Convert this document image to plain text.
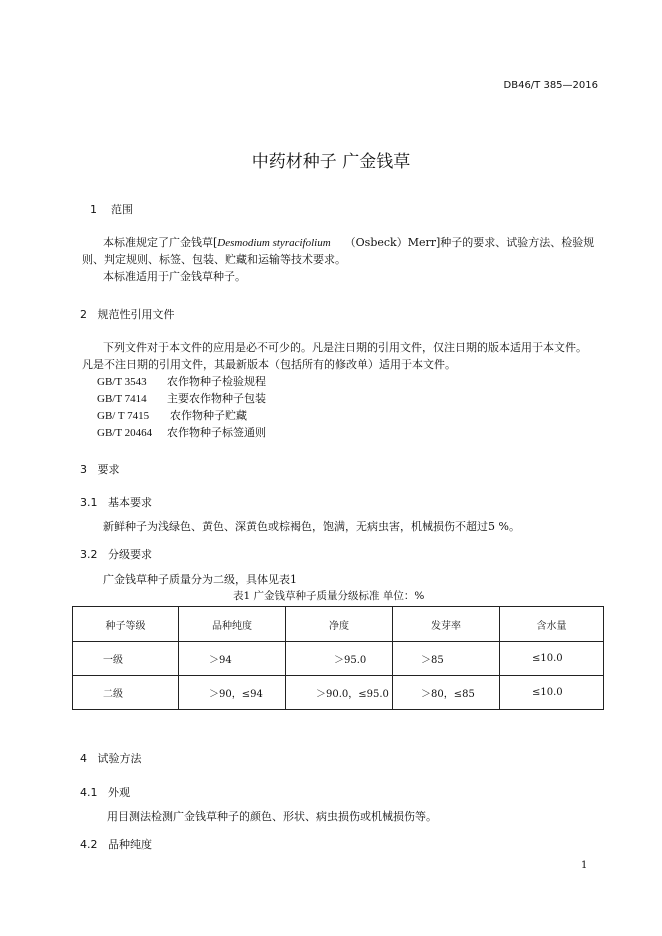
DB46/T 385—2016
中药材种子 广金钱草
1 范围
本标准规定了广金钱草[Desmodium styracifolium （Osbeck）Merr]种子的要求、试验方法、检验规
则、判定规则、标签、包装、贮藏和运输等技术要求。
本标准适用于广金钱草种子。
2 规范性引用文件
下列文件对于本文件的应用是必不可少的。凡是注日期的引用文件，仅注日期的版本适用于本文件。
凡是不注日期的引用文件，其最新版本（包括所有的修改单）适用于本文件。
GB/T 3543 农作物种子检验规程
GB/T 7414 主要农作物种子包装
GB/ T 7415 农作物种子贮藏
GB/T 20464 农作物种子标签通则
3 要求
3.1 基本要求
新鲜种子为浅绿色、黄色、深黄色或棕褐色，饱满，无病虫害，机械损伤不超过5 %。
3.2 分级要求
广金钱草种子质量分为二级，具体见表1
表1 广金钱草种子质量分级标准 单位：%
种子等级	品种纯度	净度	发芽率	含水量
一级	＞94	＞95.0	＞85	≤10.0
二级	＞90，≤94	＞90.0，≤95.0	＞80，≤85	≤10.0
4 试验方法
4.1 外观
用目测法检测广金钱草种子的颜色、形状、病虫损伤或机械损伤等。
4.2 品种纯度
1
